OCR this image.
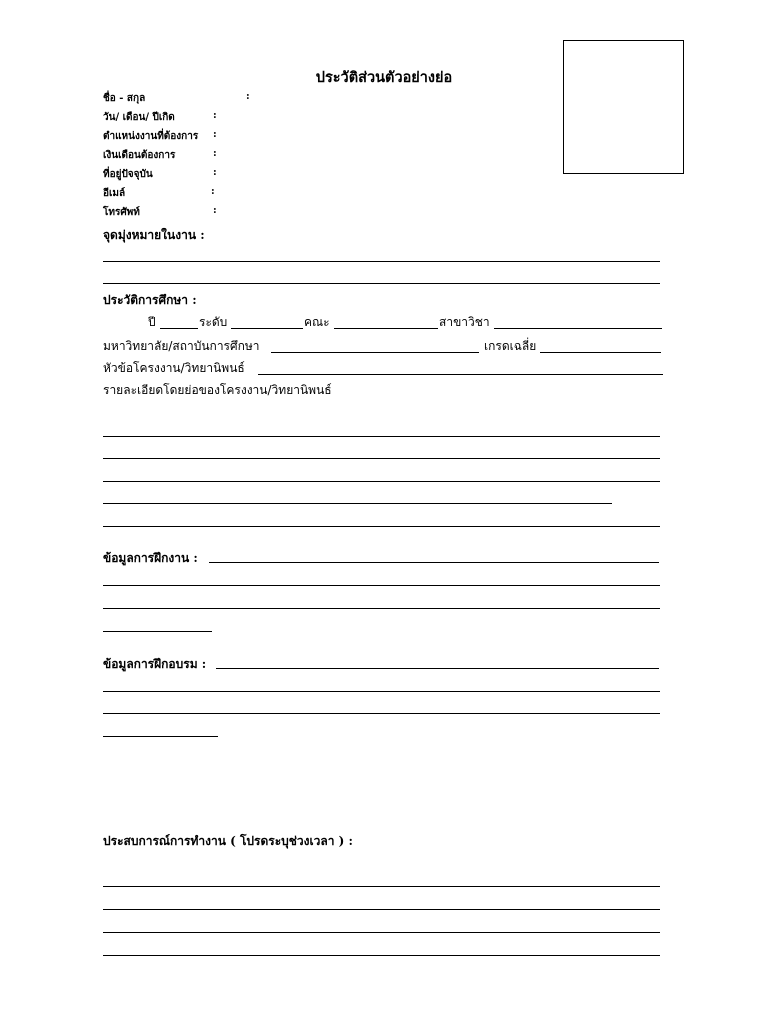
ประวัติส่วนตัวอย่างย่อ
ชื่อ - สกุล	:
วัน/ เดือน/ ปีเกิด	:
ตำแหน่งงานที่ต้องการ :
เงินเดือนต้องการ	:
ที่อยู่ปัจจุบัน	:
อีเมล์	:
โทรศัพท์	:
จุดมุ่งหมายในงาน :
ประวัติการศึกษา :
ปี	ระดับ	คณะ	สาขาวิชา
มหาวิทยาลัย/สถาบันการศึกษา	เกรดเฉลี่ย
หัวข้อโครงงาน/วิทยานิพนธ์
รายละเอียดโดยย่อของโครงงาน/วิทยานิพนธ์
ข้อมูลการฝึกงาน :
ข้อมูลการฝึกอบรม :
ประสบการณ์การทำงาน ( โปรดระบุช่วงเวลา ) :
